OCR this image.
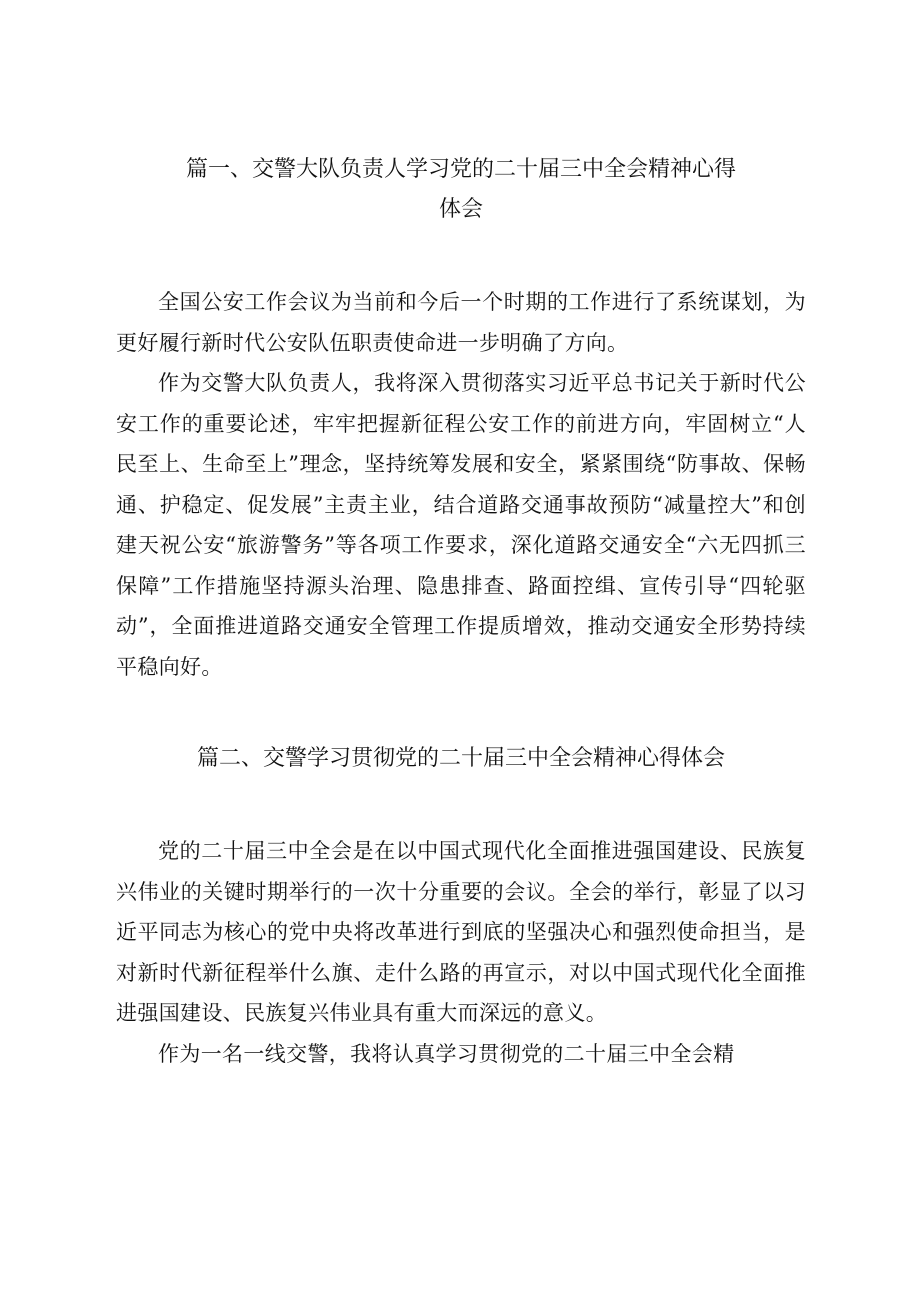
篇一、交警大队负责人学习党的二十届三中全会精神心得
体会

全国公安工作会议为当前和今后一个时期的工作进行了系统谋划，为更好履行新时代公安队伍职责使命进一步明确了方向。

作为交警大队负责人，我将深入贯彻落实习近平总书记关于新时代公安工作的重要论述，牢牢把握新征程公安工作的前进方向，牢固树立“人民至上、生命至上”理念，坚持统筹发展和安全，紧紧围绕“防事故、保畅通、护稳定、促发展”主责主业，结合道路交通事故预防“减量控大”和创建天祝公安“旅游警务”等各项工作要求，深化道路交通安全“六无四抓三保障”工作措施坚持源头治理、隐患排查、路面控缉、宣传引导“四轮驱动”，全面推进道路交通安全管理工作提质增效，推动交通安全形势持续平稳向好。

篇二、交警学习贯彻党的二十届三中全会精神心得体会

党的二十届三中全会是在以中国式现代化全面推进强国建设、民族复兴伟业的关键时期举行的一次十分重要的会议。全会的举行，彰显了以习近平同志为核心的党中央将改革进行到底的坚强决心和强烈使命担当，是对新时代新征程举什么旗、走什么路的再宣示，对以中国式现代化全面推进强国建设、民族复兴伟业具有重大而深远的意义。

作为一名一线交警，我将认真学习贯彻党的二十届三中全会精
